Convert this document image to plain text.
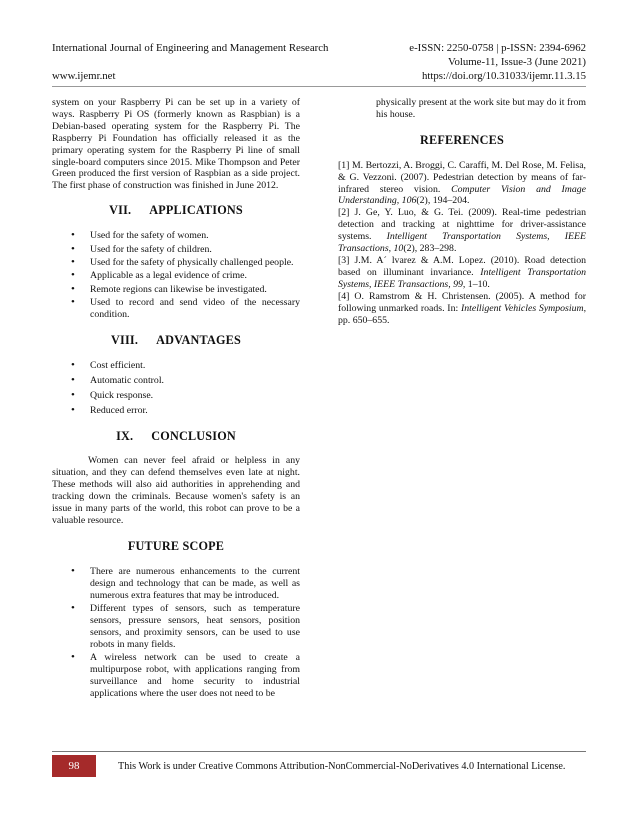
International Journal of Engineering and Management Research	e-ISSN: 2250-0758 | p-ISSN: 2394-6962
Volume-11, Issue-3 (June 2021)
www.ijemr.net	https://doi.org/10.31033/ijemr.11.3.15

system on your Raspberry Pi can be set up in a variety of ways. Raspberry Pi OS (formerly known as Raspbian) is a Debian-based operating system for the Raspberry Pi. The Raspberry Pi Foundation has officially released it as the primary operating system for the Raspberry Pi line of small single-board computers since 2015. Mike Thompson and Peter Green produced the first version of Raspbian as a side project. The first phase of construction was finished in June 2012.

VII. APPLICATIONS
• Used for the safety of women.
• Used for the safety of children.
• Used for the safety of physically challenged people.
• Applicable as a legal evidence of crime.
• Remote regions can likewise be investigated.
• Used to record and send video of the necessary condition.
VIII. ADVANTAGES
• Cost efficient.
• Automatic control.
• Quick response.
• Reduced error.
IX. CONCLUSION

Women can never feel afraid or helpless in any situation, and they can defend themselves even late at night. These methods will also aid authorities in apprehending and tracking down the criminals. Because women's safety is an issue in many parts of the world, this robot can prove to be a valuable resource.

FUTURE SCOPE
• There are numerous enhancements to the current design and technology that can be made, as well as numerous extra features that may be introduced.
• Different types of sensors, such as temperature sensors, pressure sensors, heat sensors, position sensors, and proximity sensors, can be used to use robots in many fields.
• A wireless network can be used to create a multipurpose robot, with applications ranging from surveillance and home security to industrial applications where the user does not need to be

physically present at the work site but may do it from his house.

REFERENCES

[1] M. Bertozzi, A. Broggi, C. Caraffi, M. Del Rose, M. Felisa, & G. Vezzoni. (2007). Pedestrian detection by means of far-infrared stereo vision. Computer Vision and Image Understanding, 106(2), 194–204.

[2] J. Ge, Y. Luo, & G. Tei. (2009). Real-time pedestrian detection and tracking at nighttime for driver-assistance systems. Intelligent Transportation Systems, IEEE Transactions, 10(2), 283–298.

[3] J.M. A´ lvarez & A.M. Lopez. (2010). Road detection based on illuminant invariance. Intelligent Transportation Systems, IEEE Transactions, 99, 1–10.

[4] O. Ramstrom & H. Christensen. (2005). A method for following unmarked roads. In: Intelligent Vehicles Symposium, pp. 650–655.

98	This Work is under Creative Commons Attribution-NonCommercial-NoDerivatives 4.0 International License.
